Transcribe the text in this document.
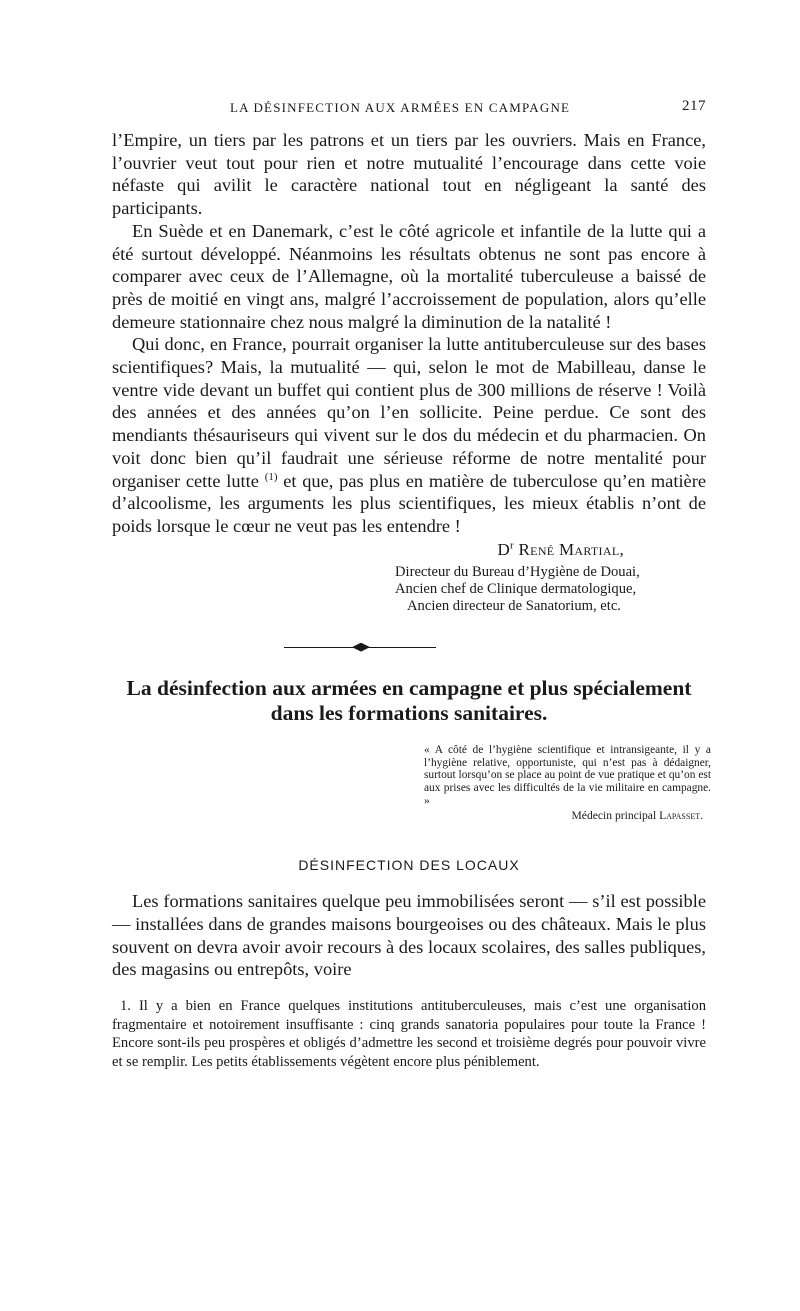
LA DÉSINFECTION AUX ARMÉES EN CAMPAGNE	217

l’Empire, un tiers par les patrons et un tiers par les ouvriers. Mais en France, l’ouvrier veut tout pour rien et notre mutualité l’encourage dans cette voie néfaste qui avilit le caractère national tout en négligeant la santé des participants.

En Suède et en Danemark, c’est le côté agricole et infantile de la lutte qui a été surtout développé. Néanmoins les résultats obtenus ne sont pas encore à comparer avec ceux de l’Allemagne, où la mortalité tuberculeuse a baissé de près de moitié en vingt ans, malgré l’accroissement de population, alors qu’elle demeure stationnaire chez nous malgré la diminution de la natalité !

Qui donc, en France, pourrait organiser la lutte antituberculeuse sur des bases scientifiques? Mais, la mutualité — qui, selon le mot de Mabilleau, danse le ventre vide devant un buffet qui contient plus de 300 millions de réserve ! Voilà des années et des années qu’on l’en sollicite. Peine perdue. Ce sont des mendiants thésauriseurs qui vivent sur le dos du médecin et du pharmacien. On voit donc bien qu’il faudrait une sérieuse réforme de notre mentalité pour organiser cette lutte $^{(1)}$ et que, pas plus en matière de tuberculose qu’en matière d’alcoolisme, les arguments les plus scientifiques, les mieux établis n’ont de poids lorsque le cœur ne veut pas les entendre !

$D^r$ René Martial,
Directeur du Bureau d’Hygiène de Douai,
Ancien chef de Clinique dermatologique,
Ancien directeur de Sanatorium, etc.
La désinfection aux armées en campagne et plus spécialement
dans les formations sanitaires.
« A côté de l’hygiène scientifique et intransigeante, il y a l’hygiène relative, opportuniste, qui n’est pas à dédaigner, surtout lorsqu’on se place au point de vue pratique et qu’on est aux prises avec les difficultés de la vie militaire en campagne. »
Médecin principal Lapasset.
DÉSINFECTION DES LOCAUX
Les formations sanitaires quelque peu immobilisées seront — s’il est possible — installées dans de grandes maisons bourgeoises ou des châteaux. Mais le plus souvent on devra avoir avoir recours à des locaux scolaires, des salles publiques, des magasins ou entrepôts, voire
1. Il y a bien en France quelques institutions antituberculeuses, mais c’est une organisation fragmentaire et notoirement insuffisante : cinq grands sanatoria populaires pour toute la France ! Encore sont-ils peu prospères et obligés d’admettre les second et troisième degrés pour pouvoir vivre et se remplir. Les petits établissements végètent encore plus péniblement.
